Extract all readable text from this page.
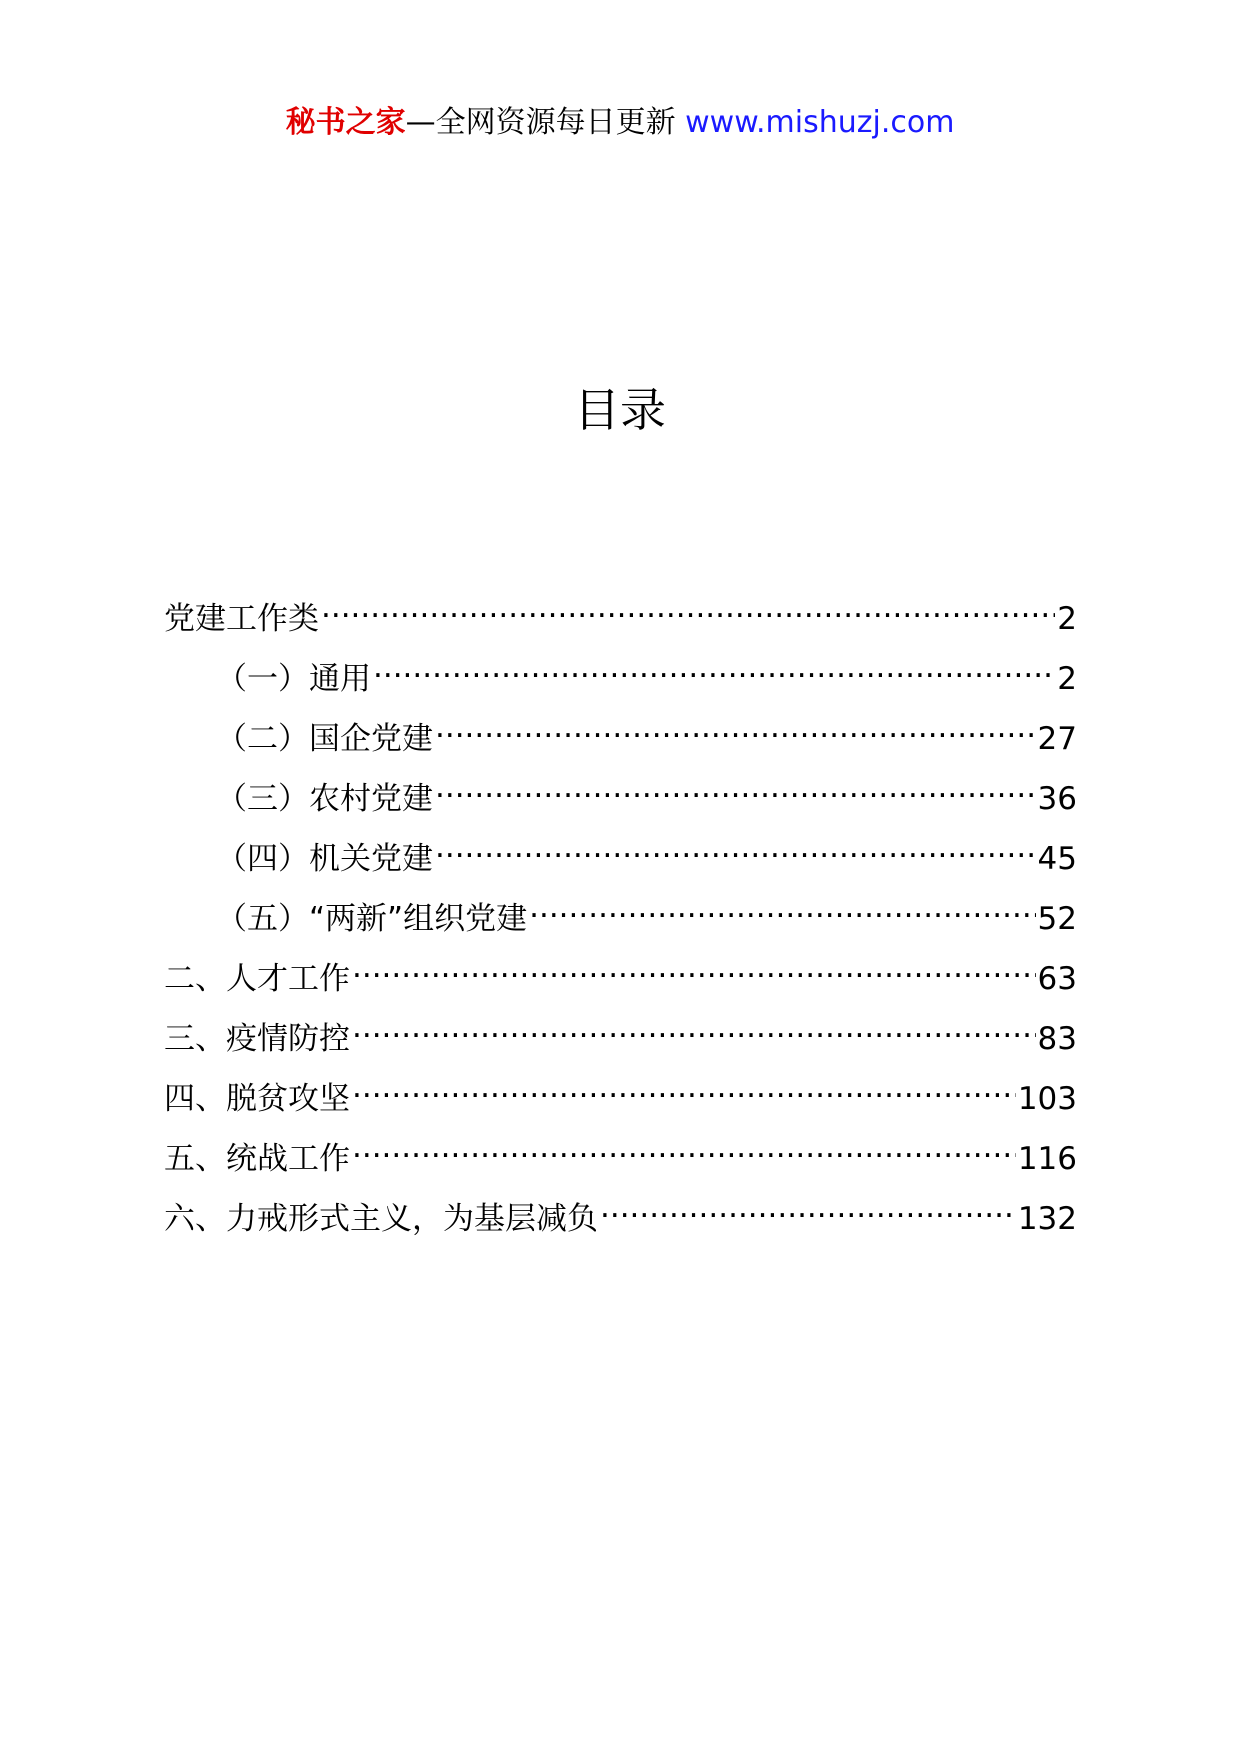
秘书之家—全网资源每日更新 www.mishuzj.com
目录
党建工作类 .....	2
（一）通用 .....	2
（二）国企党建 .....	27
（三）农村党建 .....	36
（四）机关党建 .....	45
（五）“两新”组织党建 .....	52
二、人才工作 .....	63
三、疫情防控 .....	83
四、脱贫攻坚 .....	103
五、统战工作 .....	116
六、力戒形式主义，为基层减负 .....	132
